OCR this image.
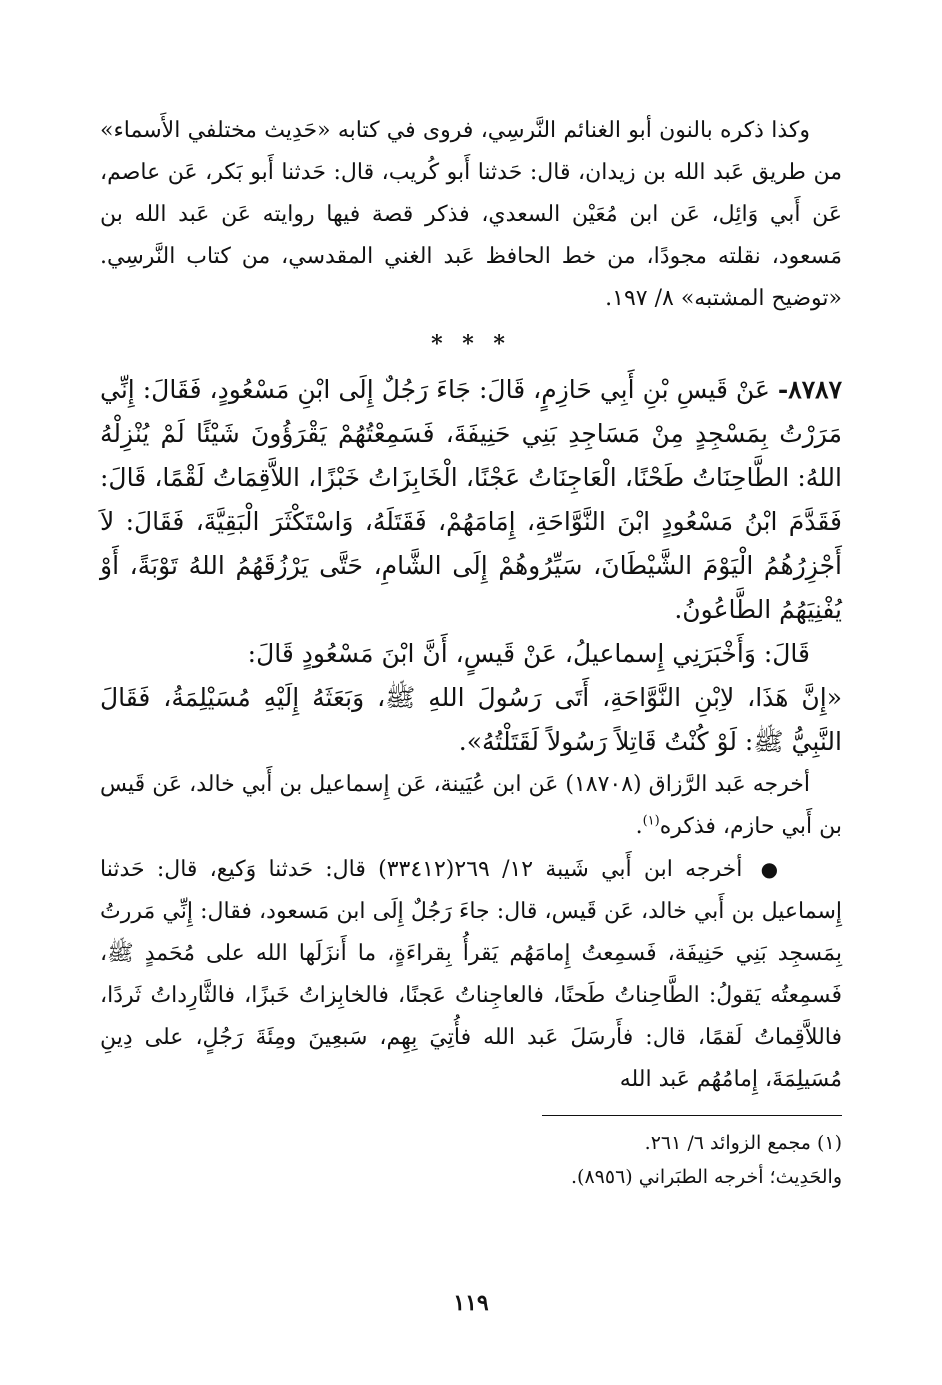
وكذا ذكره بالنون أبو الغنائم النَّرسِي، فروى في كتابه «حَدِيث مختلفي الأَسماء» من طريق عَبد الله بن زيدان، قال: حَدثنا أَبو كُريب، قال: حَدثنا أَبو بَكر، عَن عاصم، عَن أَبي وَائِل، عَن ابن مُعَيْن السعدي، فذكر قصة فيها روايته عَن عَبد الله بن مَسعود، نقلته مجودًا، من خط الحافظ عَبد الغني المقدسي، من كتاب النَّرسِي. «توضيح المشتبه» ٨/ ١٩٧.

* * *

٨٧٨٧- عَنْ قَيسِ بْنِ أَبِي حَازِمٍ، قَالَ: جَاءَ رَجُلٌ إِلَى ابْنِ مَسْعُودٍ، فَقَالَ: إِنِّي مَرَرْتُ بِمَسْجِدٍ مِنْ مَسَاجِدِ بَنِي حَنِيفَةَ، فَسَمِعْتُهُمْ يَقْرَؤُونَ شَيْئًا لَمْ يُنْزِلْهُ اللهُ: الطَّاحِنَاتُ طَحْنًا، الْعَاجِنَاتُ عَجْنًا، الْخَابِزَاتُ خَبْزًا، اللاَّقِمَاتُ لَقْمًا، قَالَ: فَقَدَّمَ ابْنُ مَسْعُودٍ ابْنَ النَّوَّاحَةِ، إِمَامَهُمْ، فَقَتَلَهُ، وَاسْتَكْثَرَ الْبَقِيَّةَ، فَقَالَ: لاَ أَجْزِرُهُمُ الْيَوْمَ الشَّيْطَانَ، سَيِّرُوهُمْ إِلَى الشَّامِ، حَتَّى يَرْزُقَهُمُ اللهُ تَوْبَةً، أَوْ يُفْنِيَهُمُ الطَّاعُونُ.

قَالَ: وَأَخْبَرَنِي إِسماعيلُ، عَنْ قَيسٍ، أَنَّ ابْنَ مَسْعُودٍ قَالَ:

«إِنَّ هَذَا، لاِبْنِ النَّوَّاحَةِ، أَتَى رَسُولَ اللهِ ﷺ، وَبَعَثَهُ إِلَيْهِ مُسَيْلِمَةُ، فَقَالَ النَّبِيُّ ﷺ: لَوْ كُنْتُ قَاتِلاً رَسُولاً لَقَتَلْتُهُ».

أخرجه عَبد الرَّزاق (١٨٧٠٨) عَن ابن عُيَينة، عَن إِسماعيل بن أَبي خالد، عَن قَيس بن أَبي حازم، فذكره$^{(١)}$.

● أخرجه ابن أَبي شَيبة ١٢/ ٢٦٩(٣٣٤١٢) قال: حَدثنا وَكيع، قال: حَدثنا إِسماعيل بن أَبي خالد، عَن قَيس، قال: جاءَ رَجُلٌ إِلَى ابن مَسعود، فقال: إِنِّي مَررتُ بِمَسجِد بَنِي حَنِيفَة، فَسمِعتُ إِمامَهُم يَقرأُ بِقراءَةٍ، ما أَنزَلَها الله على مُحَمدٍ ﷺ، فَسمِعتُه يَقولُ: الطَّاحِناتُ طَحنًا، فالعاجِناتُ عَجنًا، فالخابِزاتُ خَبزًا، فالثَّارِداتُ ثَردًا، فاللاَّقِماتُ لَقمًا، قال: فأَرسَلَ عَبد الله فأُتِيَ بِهِم، سَبعِينَ ومِئَةَ رَجُلٍ، على دِينِ مُسَيلِمَةَ، إِمامُهُم عَبد الله

(١) مجمع الزوائد ٦/ ٢٦١.

والحَدِيث؛ أخرجه الطبَراني (٨٩٥٦).

١١٩
